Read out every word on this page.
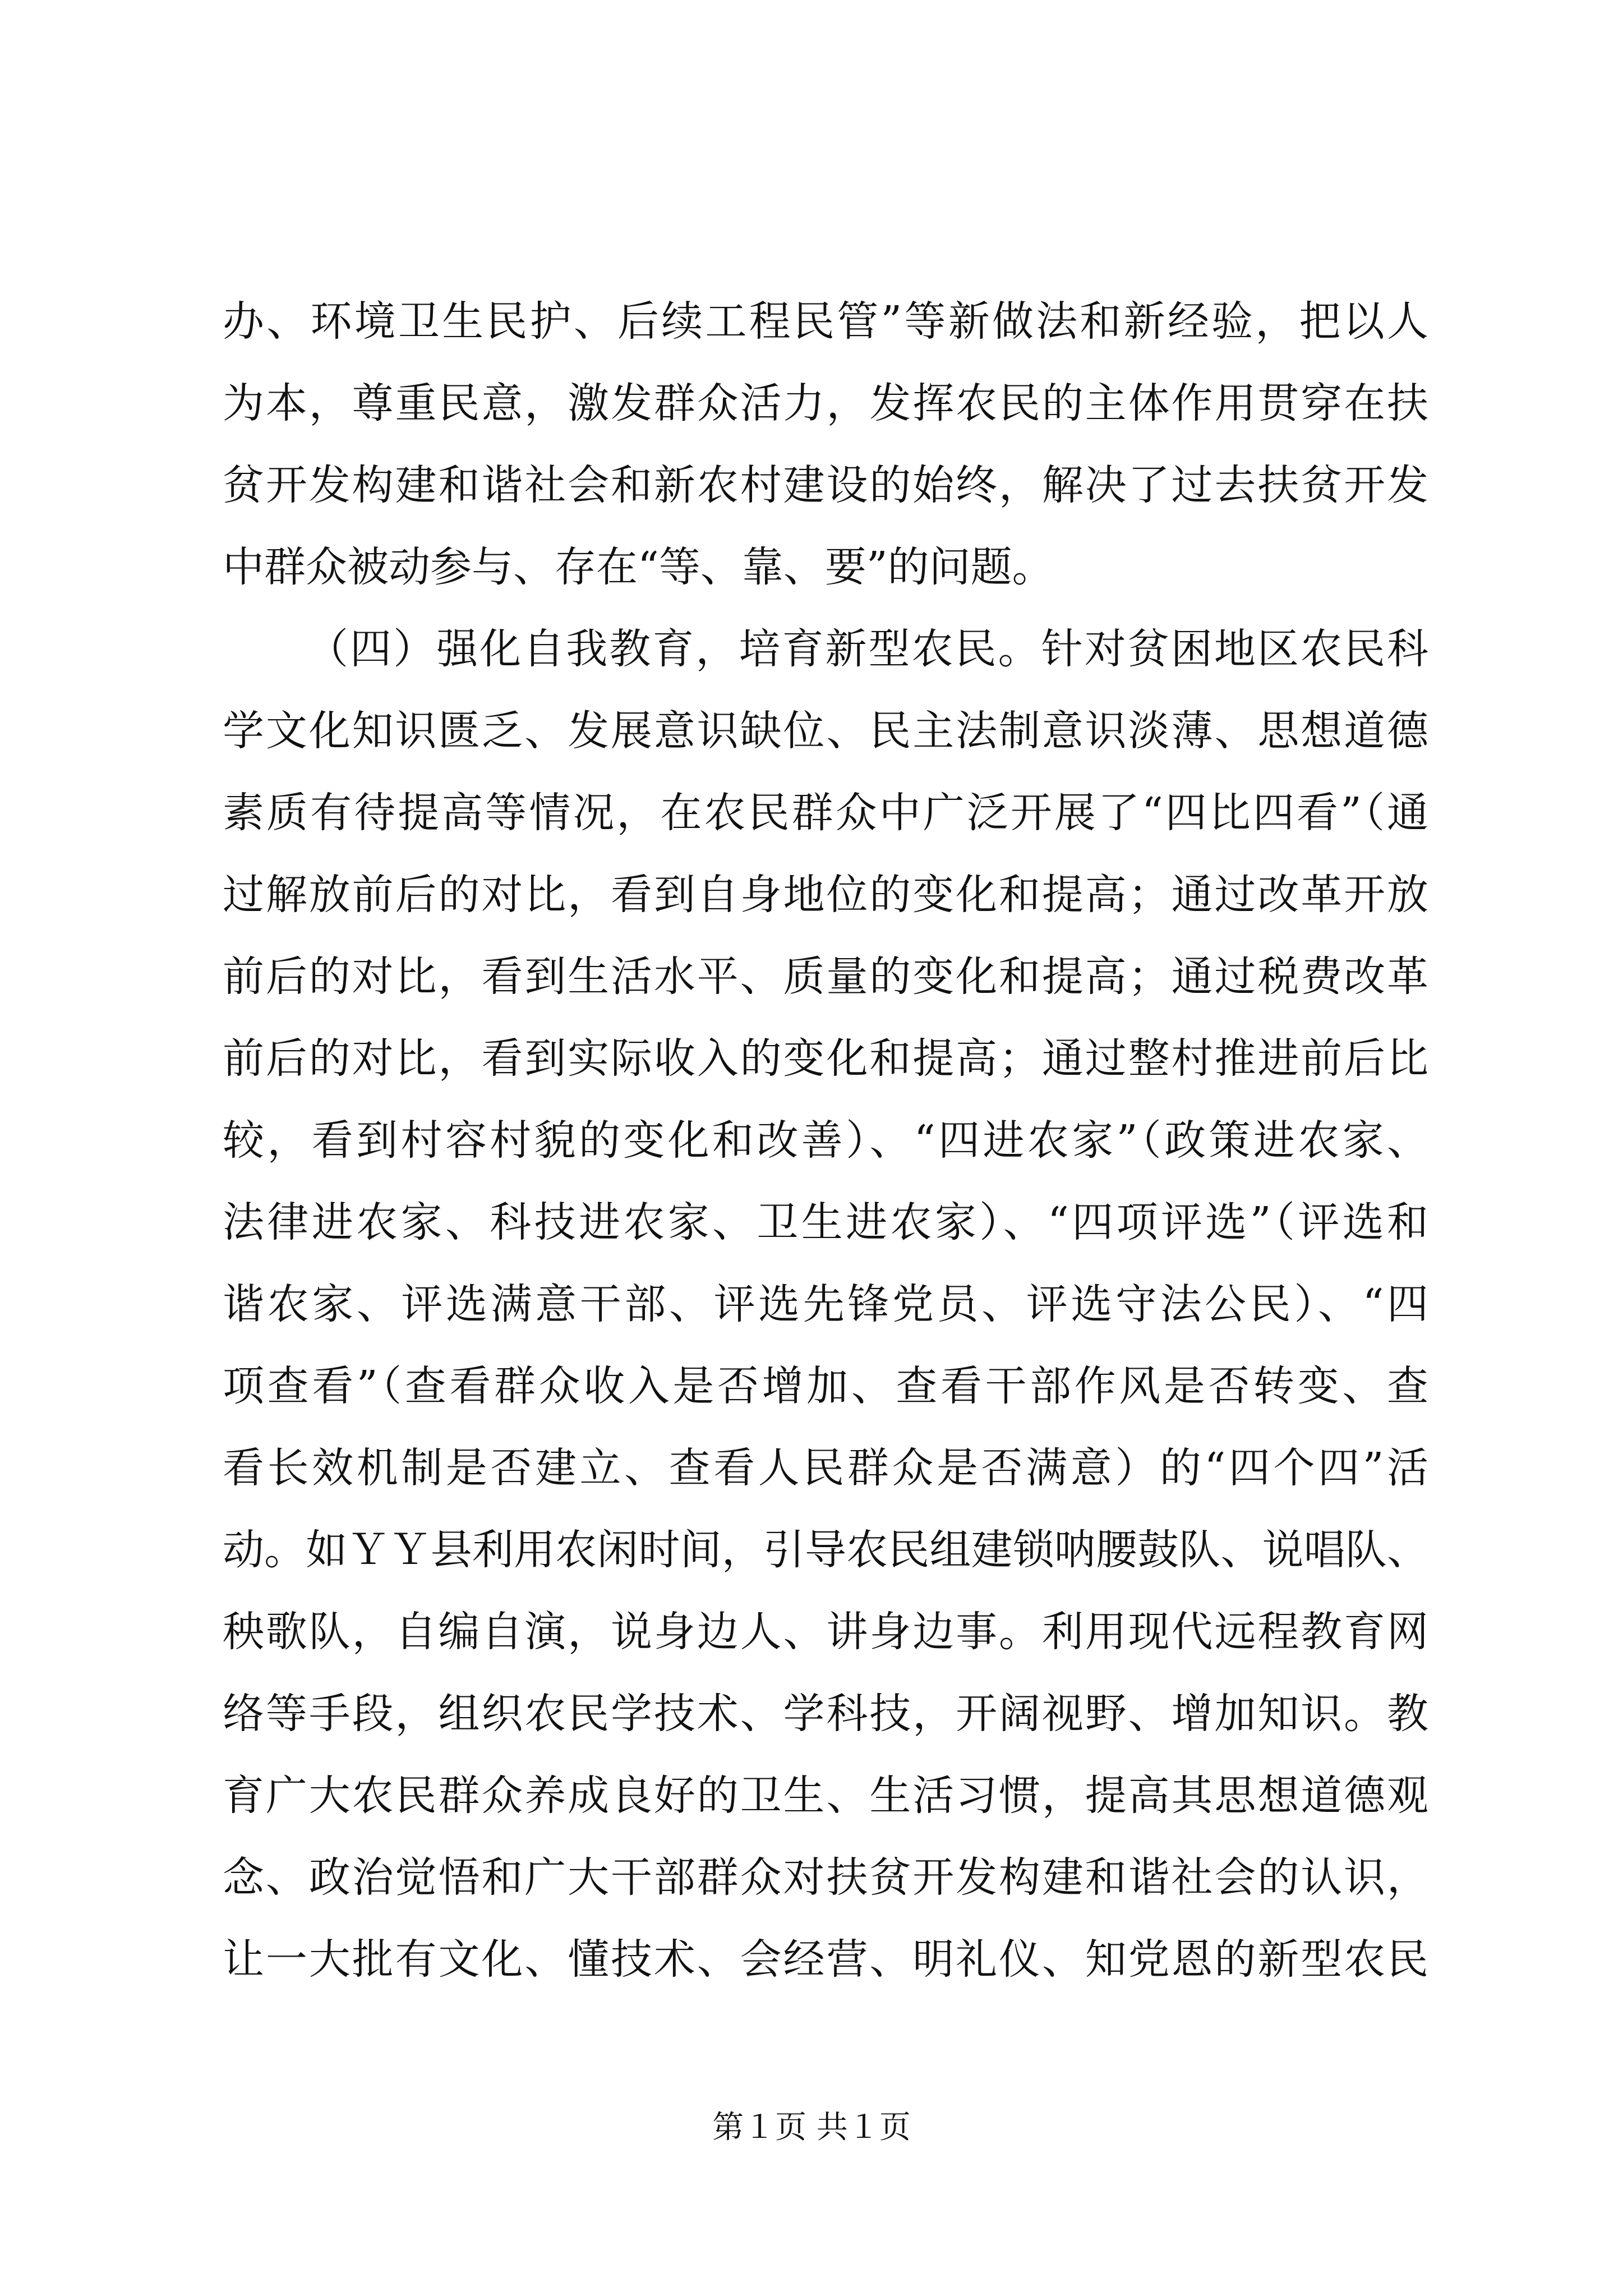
办、环境卫生民护、后续工程民管”等新做法和新经验，把以人
为本，尊重民意，激发群众活力，发挥农民的主体作用贯穿在扶
贫开发构建和谐社会和新农村建设的始终，解决了过去扶贫开发
中群众被动参与、存在“等、靠、要”的问题。
（四）强化自我教育，培育新型农民。针对贫困地区农民科
学文化知识匮乏、发展意识缺位、民主法制意识淡薄、思想道德
素质有待提高等情况，在农民群众中广泛开展了“四比四看”（通
过解放前后的对比，看到自身地位的变化和提高；通过改革开放
前后的对比，看到生活水平、质量的变化和提高；通过税费改革
前后的对比，看到实际收入的变化和提高；通过整村推进前后比
较，看到村容村貌的变化和改善）、“四进农家”（政策进农家、
法律进农家、科技进农家、卫生进农家）、“四项评选”（评选和
谐农家、评选满意干部、评选先锋党员、评选守法公民）、“四
项查看”（查看群众收入是否增加、查看干部作风是否转变、查
看长效机制是否建立、查看人民群众是否满意）的“四个四”活
动。如ＹＹ县利用农闲时间，引导农民组建锁呐腰鼓队、说唱队、
秧歌队，自编自演，说身边人、讲身边事。利用现代远程教育网
络等手段，组织农民学技术、学科技，开阔视野、增加知识。教
育广大农民群众养成良好的卫生、生活习惯，提高其思想道德观
念、政治觉悟和广大干部群众对扶贫开发构建和谐社会的认识，
让一大批有文化、懂技术、会经营、明礼仪、知党恩的新型农民
第１页 共１页
